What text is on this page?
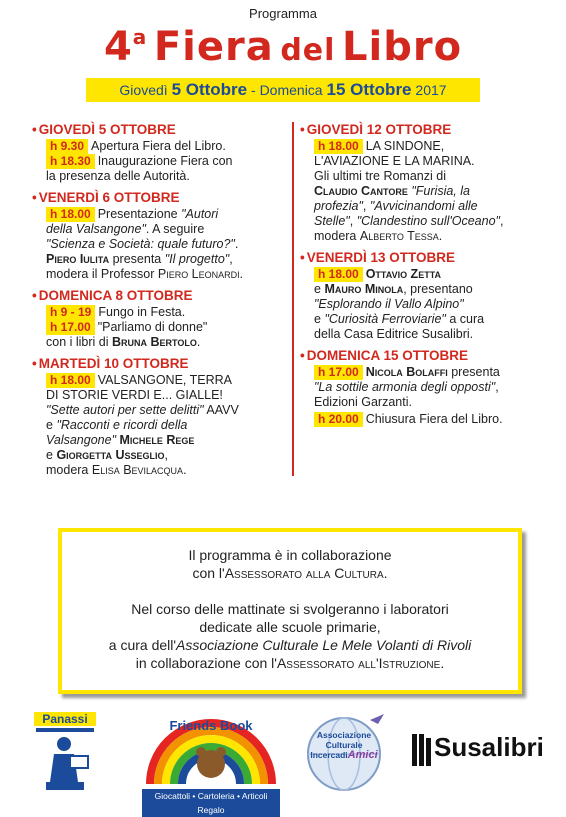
Programma
4$^a$ Fiera del Libro
Giovedì 5 Ottobre - Domenica 15 Ottobre 2017
• GIOVEDÌ 5 OTTOBRE
h 9.30 Apertura Fiera del Libro.
h 18.30 Inaugurazione Fiera con
la presenza delle Autorità.
• VENERDÌ 6 OTTOBRE
h 18.00 Presentazione "Autori
della Valsangone". A seguire
"Scienza e Società: quale futuro?".
Piero Iulita presenta "Il progetto",
modera il Professor Piero Leonardi.
• DOMENICA 8 OTTOBRE
h 9 - 19 Fungo in Festa.
h 17.00 "Parliamo di donne"
con i libri di Bruna Bertolo.
• MARTEDÌ 10 OTTOBRE
h 18.00 VALSANGONE, TERRA
DI STORIE VERDI E... GIALLE!
"Sette autori per sette delitti" AAVV
e "Racconti e ricordi della
Valsangone" Michele Rege
e Giorgetta Usseglio,
modera Elisa Bevilacqua.
• GIOVEDÌ 12 OTTOBRE
h 18.00 LA SINDONE,
L'AVIAZIONE E LA MARINA.
Gli ultimi tre Romanzi di
Claudio Cantore "Furisia, la
profezia", "Avvicinandomi alle
Stelle", "Clandestino sull'Oceano",
modera Alberto Tessa.
• VENERDÌ 13 OTTOBRE
h 18.00 Ottavio Zetta
e Mauro Minola, presentano
"Esplorando il Vallo Alpino"
e "Curiosità Ferroviarie" a cura
della Casa Editrice Susalibri.
• DOMENICA 15 OTTOBRE
h 17.00 Nicola Bolaffi presenta
"La sottile armonia degli opposti",
Edizioni Garzanti.
h 20.00 Chiusura Fiera del Libro.

Il programma è in collaborazione

con l'Assessorato alla Cultura.

Nel corso delle mattinate si svolgeranno i laboratori

dedicate alle scuole primarie,

a cura dell'Associazione Culturale Le Mele Volanti di Rivoli

in collaborazione con l'Assessorato all'Istruzione.

Panassi	Friends Book
Giocattoli • Cartoleria • Articoli Regalo
Associazione
Culturale
IncercadiAmici	Susalibri
